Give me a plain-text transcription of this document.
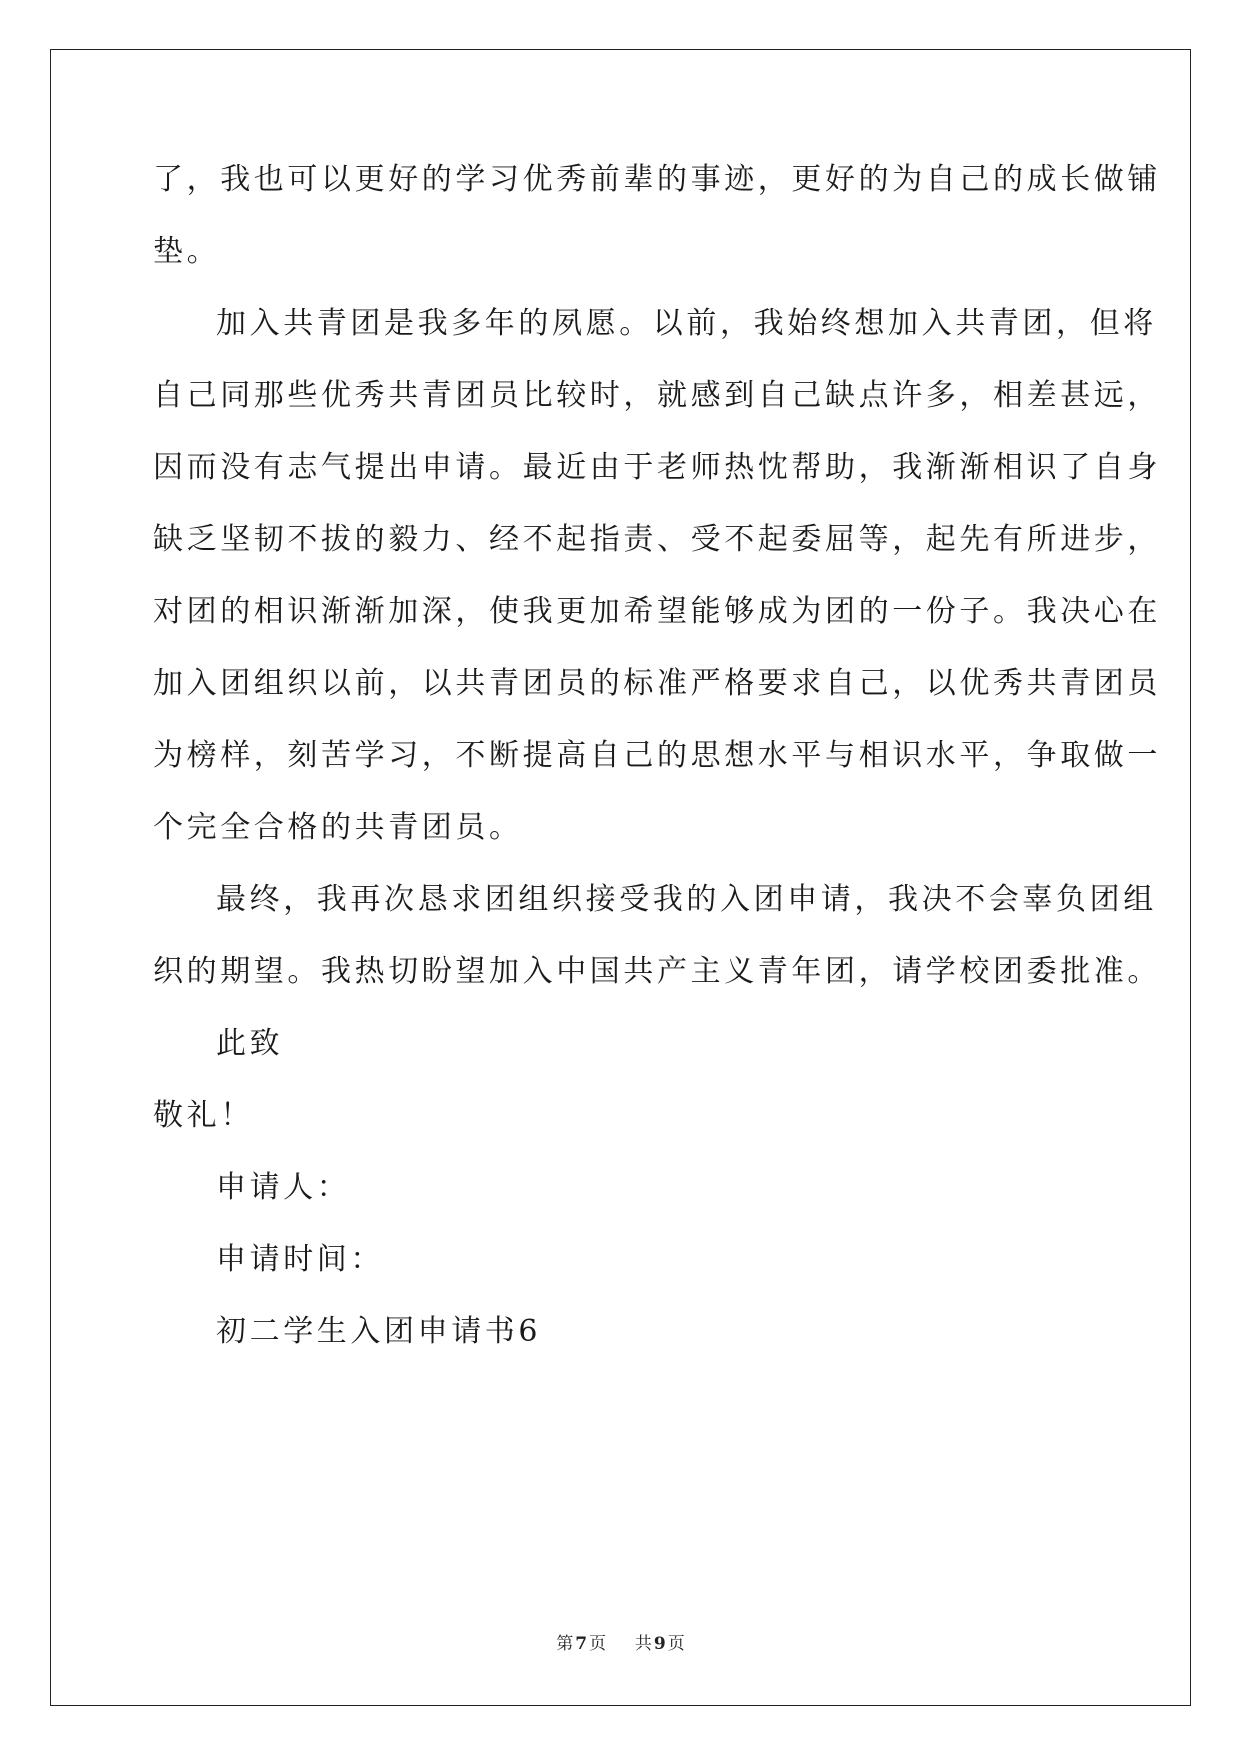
了，我也可以更好的学习优秀前辈的事迹，更好的为自己的成长做铺
垫。
加入共青团是我多年的夙愿。以前，我始终想加入共青团，但将
自己同那些优秀共青团员比较时，就感到自己缺点许多，相差甚远，
因而没有志气提出申请。最近由于老师热忱帮助，我渐渐相识了自身
缺乏坚韧不拔的毅力、经不起指责、受不起委屈等，起先有所进步，
对团的相识渐渐加深，使我更加希望能够成为团的一份子。我决心在
加入团组织以前，以共青团员的标准严格要求自己，以优秀共青团员
为榜样，刻苦学习，不断提高自己的思想水平与相识水平，争取做一
个完全合格的共青团员。
最终，我再次恳求团组织接受我的入团申请，我决不会辜负团组
织的期望。我热切盼望加入中国共产主义青年团，请学校团委批准。
此致
敬礼！
申请人：
申请时间：
初二学生入团申请书6
第 7 页 共 9 页
